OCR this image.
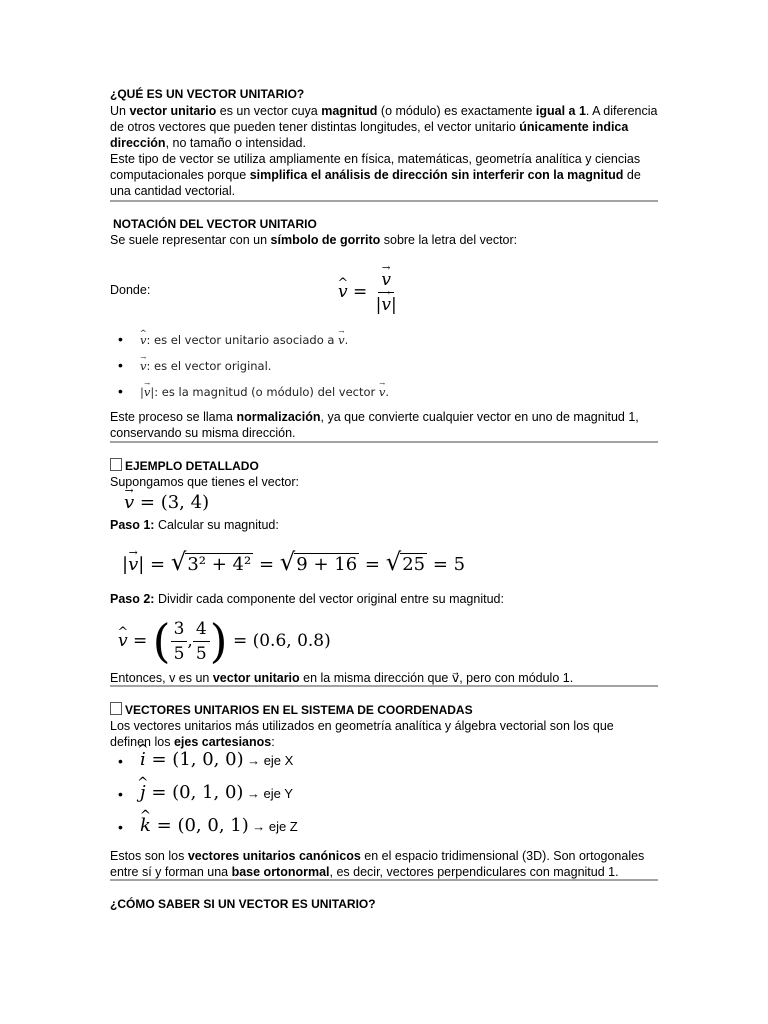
¿QUÉ ES UN VECTOR UNITARIO?
Un vector unitario es un vector cuya magnitud (o módulo) es exactamente igual a 1. A diferencia de otros vectores que pueden tener distintas longitudes, el vector unitario únicamente indica dirección, no tamaño o intensidad.
Este tipo de vector se utiliza ampliamente en física, matemáticas, geometría analítica y ciencias computacionales porque simplifica el análisis de dirección sin interferir con la magnitud de una cantidad vectorial.
NOTACIÓN DEL VECTOR UNITARIO
Se suele representar con un símbolo de gorrito sobre la letra del vector:
Donde:	^ v = → $\frac{v}{|\to v|}$
• ^ v: es el vector unitario asociado a → v.
• → v: es el vector original.
• |→ v|: es la magnitud (o módulo) del vector → v.
Este proceso se llama normalización, ya que convierte cualquier vector en uno de magnitud 1, conservando su misma dirección.
EJEMPLO DETALLADO
Supongamos que tienes el vector:
→ v = (3, 4)
Paso 1: Calcular su magnitud:
|→ v| = √3² + 4² = √9 + 16 = √25 = 5
Paso 2: Dividir cada componente del vector original entre su magnitud:
^ v = ( $\frac{3}{5}$ , $\frac{4}{5}$ ) = (0.6, 0.8)
Entonces, v es un vector unitario en la misma dirección que v⃗, pero con módulo 1.
VECTORES UNITARIOS EN EL SISTEMA DE COORDENADAS
Los vectores unitarios más utilizados en geometría analítica y álgebra vectorial son los que definen los ejes cartesianos:
• ^ i = (1, 0, 0) → eje X
• ^ j = (0, 1, 0) → eje Y
• ^ k = (0, 0, 1) → eje Z
Estos son los vectores unitarios canónicos en el espacio tridimensional (3D). Son ortogonales entre sí y forman una base ortonormal, es decir, vectores perpendiculares con magnitud 1.
¿CÓMO SABER SI UN VECTOR ES UNITARIO?
